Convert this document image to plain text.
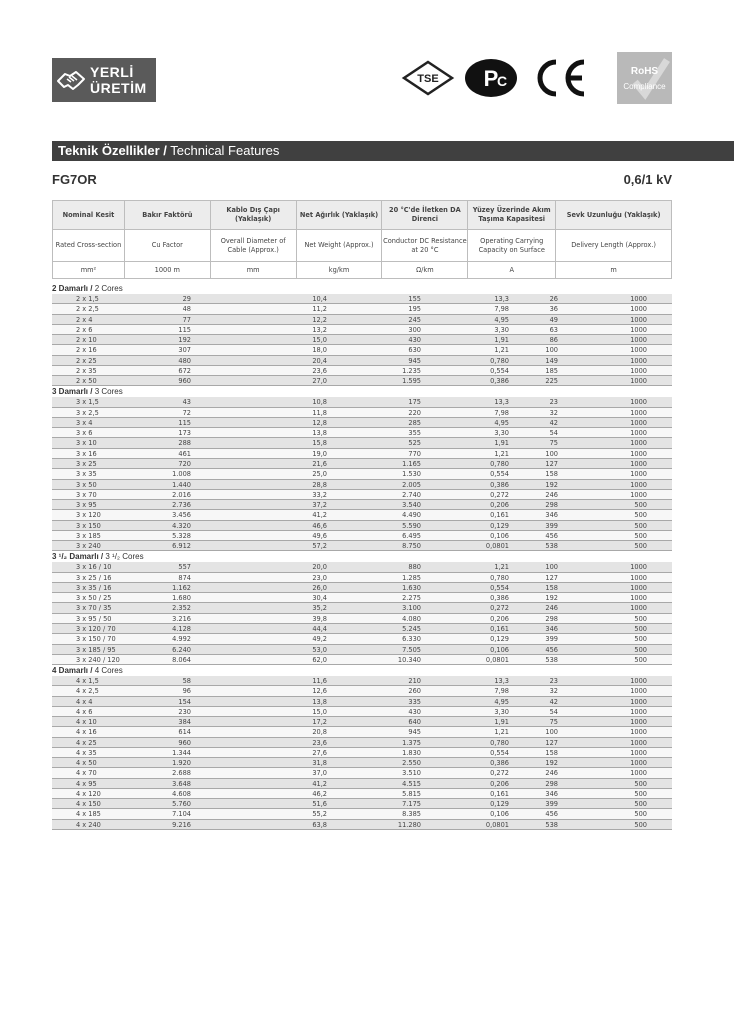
YERLİ
ÜRETİM
TSE P
C
RoHS
Compliance
Teknik Özellikler / Technical Features
FG7OR	0,6/1 kV
Nominal Kesit	Bakır Faktörü	Kablo Dış Çapı (Yaklaşık)	Net Ağırlık (Yaklaşık)	20 °C'de İletken DA Direnci	Yüzey Üzerinde Akım Taşıma Kapasitesi	Sevk Uzunluğu (Yaklaşık)
Rated Cross-section	Cu Factor	Overall Diameter of Cable (Approx.)	Net Weight (Approx.)	Conductor DC Resistance at 20 °C	Operating Carrying Capacity on Surface	Delivery Length (Approx.)
mm²	1000 m	mm	kg/km	Ω/km	A	m
2 Damarlı / 2 Cores
2 x 1,5	29	10,4	155	13,3	26	1000
2 x 2,5	48	11,2	195	7,98	36	1000
2 x 4	77	12,2	245	4,95	49	1000
2 x 6	115	13,2	300	3,30	63	1000
2 x 10	192	15,0	430	1,91	86	1000
2 x 16	307	18,0	630	1,21	100	1000
2 x 25	480	20,4	945	0,780	149	1000
2 x 35	672	23,6	1.235	0,554	185	1000
2 x 50	960	27,0	1.595	0,386	225	1000
3 Damarlı / 3 Cores
3 x 1,5	43	10,8	175	13,3	23	1000
3 x 2,5	72	11,8	220	7,98	32	1000
3 x 4	115	12,8	285	4,95	42	1000
3 x 6	173	13,8	355	3,30	54	1000
3 x 10	288	15,8	525	1,91	75	1000
3 x 16	461	19,0	770	1,21	100	1000
3 x 25	720	21,6	1.165	0,780	127	1000
3 x 35	1.008	25,0	1.530	0,554	158	1000
3 x 50	1.440	28,8	2.005	0,386	192	1000
3 x 70	2.016	33,2	2.740	0,272	246	1000
3 x 95	2.736	37,2	3.540	0,206	298	500
3 x 120	3.456	41,2	4.490	0,161	346	500
3 x 150	4.320	46,6	5.590	0,129	399	500
3 x 185	5.328	49,6	6.495	0,106	456	500
3 x 240	6.912	57,2	8.750	0,0801	538	500
3 ¹/₂ Damarlı / 3 ¹/₂ Cores
3 x 16 / 10	557	20,0	880	1,21	100	1000
3 x 25 / 16	874	23,0	1.285	0,780	127	1000
3 x 35 / 16	1.162	26,0	1.630	0,554	158	1000
3 x 50 / 25	1.680	30,4	2.275	0,386	192	1000
3 x 70 / 35	2.352	35,2	3.100	0,272	246	1000
3 x 95 / 50	3.216	39,8	4.080	0,206	298	500
3 x 120 / 70	4.128	44,4	5.245	0,161	346	500
3 x 150 / 70	4.992	49,2	6.330	0,129	399	500
3 x 185 / 95	6.240	53,0	7.505	0,106	456	500
3 x 240 / 120	8.064	62,0	10.340	0,0801	538	500
4 Damarlı / 4 Cores
4 x 1,5	58	11,6	210	13,3	23	1000
4 x 2,5	96	12,6	260	7,98	32	1000
4 x 4	154	13,8	335	4,95	42	1000
4 x 6	230	15,0	430	3,30	54	1000
4 x 10	384	17,2	640	1,91	75	1000
4 x 16	614	20,8	945	1,21	100	1000
4 x 25	960	23,6	1.375	0,780	127	1000
4 x 35	1.344	27,6	1.830	0,554	158	1000
4 x 50	1.920	31,8	2.550	0,386	192	1000
4 x 70	2.688	37,0	3.510	0,272	246	1000
4 x 95	3.648	41,2	4.515	0,206	298	500
4 x 120	4.608	46,2	5.815	0,161	346	500
4 x 150	5.760	51,6	7.175	0,129	399	500
4 x 185	7.104	55,2	8.385	0,106	456	500
4 x 240	9.216	63,8	11.280	0,0801	538	500
